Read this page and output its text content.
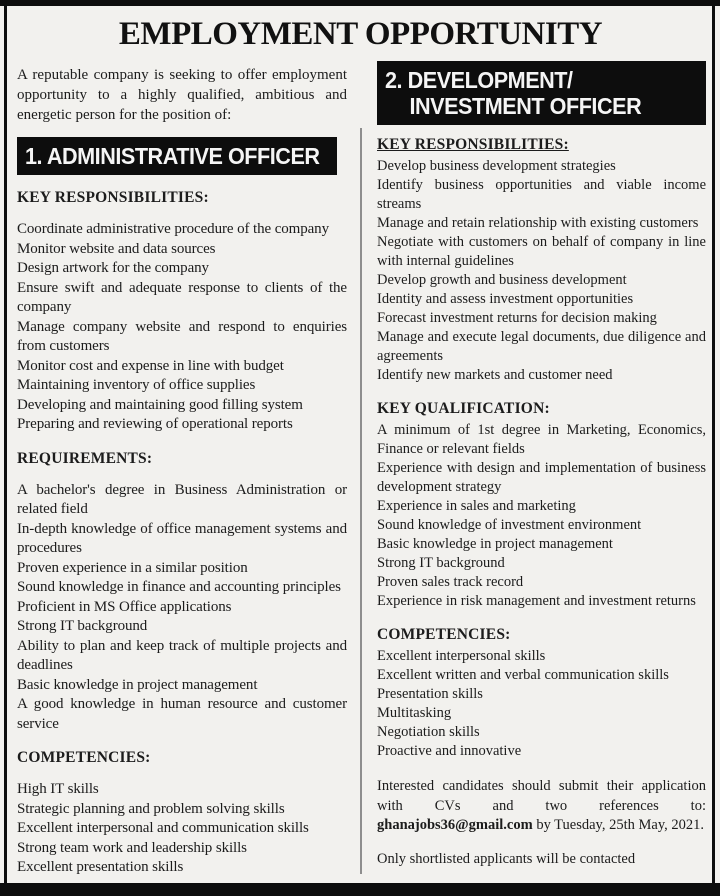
EMPLOYMENT OPPORTUNITY

A reputable company is seeking to offer employment opportunity to a highly qualified, ambitious and energetic person for the position of:

1. ADMINISTRATIVE OFFICER
KEY RESPONSIBILITIES:
Coordinate administrative procedure of the company
Monitor website and data sources
Design artwork for the company
Ensure swift and adequate response to clients of the company
Manage company website and respond to enquiries from customers
Monitor cost and expense in line with budget
Maintaining inventory of office supplies
Developing and maintaining good filling system
Preparing and reviewing of operational reports
REQUIREMENTS:
A bachelor's degree in Business Administration or related field
In-depth knowledge of office management systems and procedures
Proven experience in a similar position
Sound knowledge in finance and accounting principles
Proficient in MS Office applications
Strong IT background
Ability to plan and keep track of multiple projects and deadlines
Basic knowledge in project management
A good knowledge in human resource and customer service
COMPETENCIES:
High IT skills
Strategic planning and problem solving skills
Excellent interpersonal and communication skills
Strong team work and leadership skills
Excellent presentation skills
2. DEVELOPMENT/
INVESTMENT OFFICER
KEY RESPONSIBILITIES:
Develop business development strategies
Identify business opportunities and viable income streams
Manage and retain relationship with existing customers
Negotiate with customers on behalf of company in line with internal guidelines
Develop growth and business development
Identity and assess investment opportunities
Forecast investment returns for decision making
Manage and execute legal documents, due diligence and agreements
Identify new markets and customer need
KEY QUALIFICATION:
A minimum of 1st degree in Marketing, Economics, Finance or relevant fields
Experience with design and implementation of business development strategy
Experience in sales and marketing
Sound knowledge of investment environment
Basic knowledge in project management
Strong IT background
Proven sales track record
Experience in risk management and investment returns
COMPETENCIES:
Excellent interpersonal skills
Excellent written and verbal communication skills
Presentation skills
Multitasking
Negotiation skills
Proactive and innovative

Interested candidates should submit their application with CVs and two references to: ghanajobs36@gmail.com by Tuesday, 25th May, 2021.

Only shortlisted applicants will be contacted
